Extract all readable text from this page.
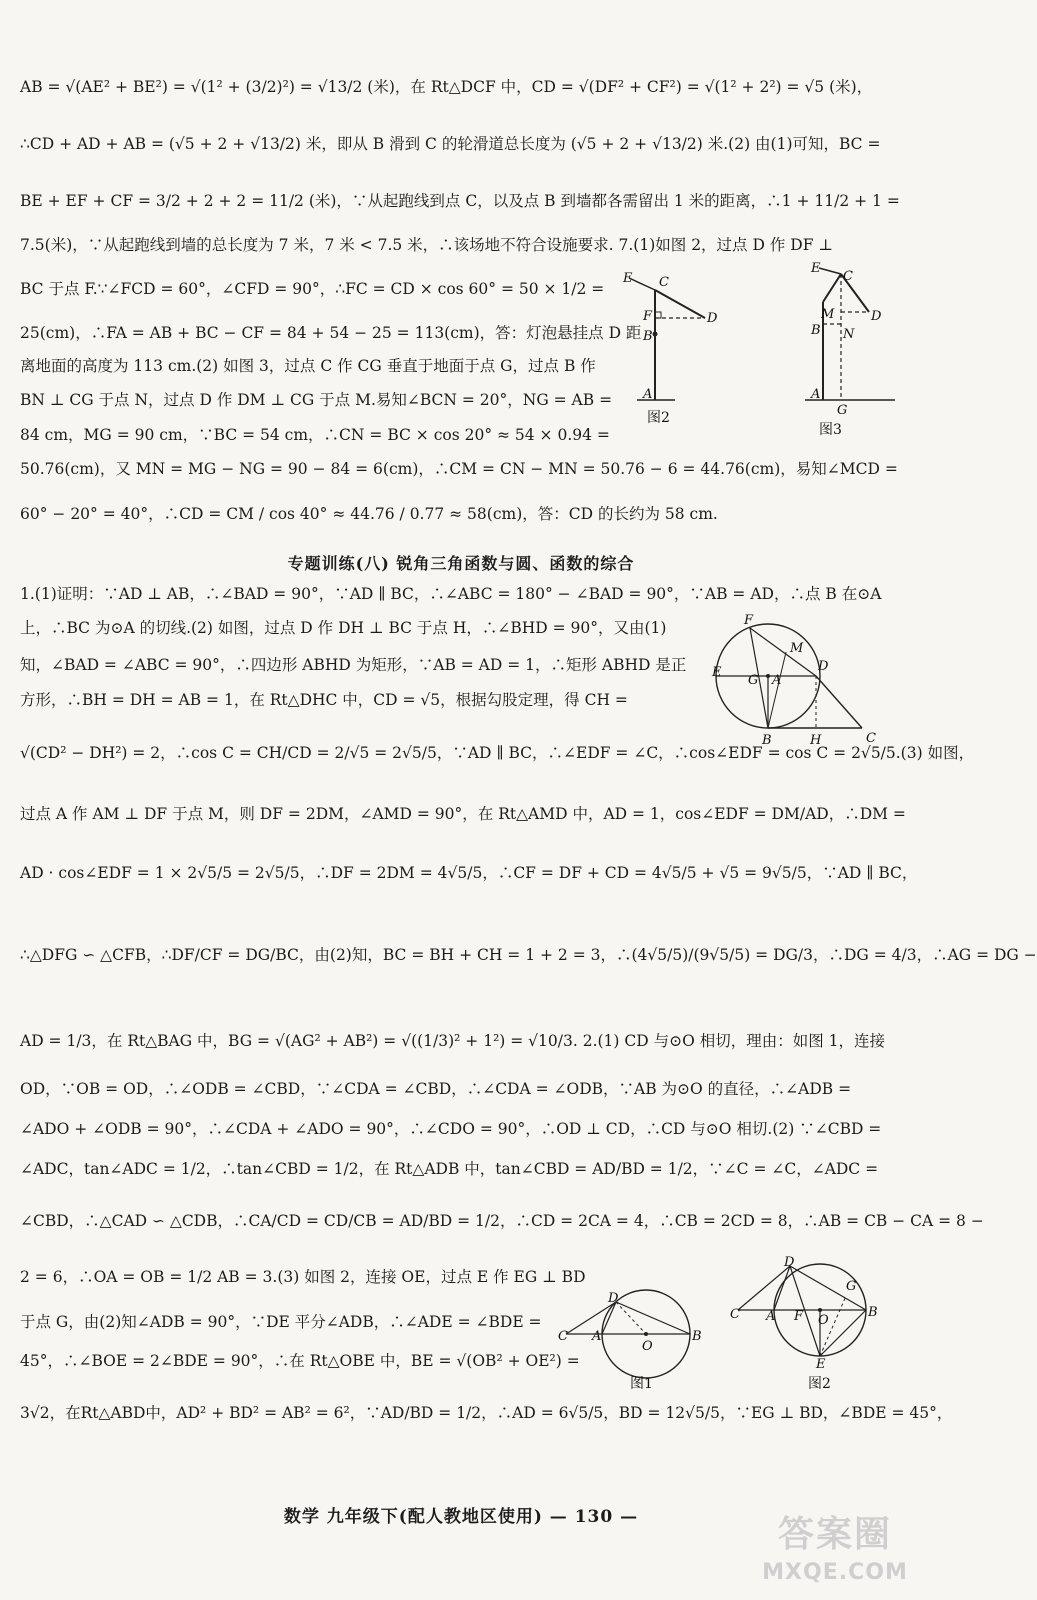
AB = √(AE² + BE²) = √(1² + (3/2)²) = √13/2 (米)，在 Rt△DCF 中，CD = √(DF² + CF²) = √(1² + 2²) = √5 (米)，
∴CD + AD + AB = (√5 + 2 + √13/2) 米，即从 B 滑到 C 的轮滑道总长度为 (√5 + 2 + √13/2) 米.(2) 由(1)可知，BC =
BE + EF + CF = 3/2 + 2 + 2 = 11/2 (米)，∵从起跑线到点 C，以及点 B 到墙都各需留出 1 米的距离，∴1 + 11/2 + 1 =
7.5(米)，∵从起跑线到墙的总长度为 7 米，7 米 < 7.5 米，∴该场地不符合设施要求. 7.(1)如图 2，过点 D 作 DF ⊥
BC 于点 F.∵∠FCD = 60°，∠CFD = 90°，∴FC = CD × cos 60° = 50 × 1/2 =
25(cm)，∴FA = AB + BC − CF = 84 + 54 − 25 = 113(cm)，答：灯泡悬挂点 D 距
离地面的高度为 113 cm.(2) 如图 3，过点 C 作 CG 垂直于地面于点 G，过点 B 作
BN ⊥ CG 于点 N，过点 D 作 DM ⊥ CG 于点 M.易知∠BCN = 20°，NG = AB =
84 cm，MG = 90 cm，∵BC = 54 cm，∴CN = BC × cos 20° ≈ 54 × 0.94 =
50.76(cm)，又 MN = MG − NG = 90 − 84 = 6(cm)，∴CM = CN − MN = 50.76 − 6 = 44.76(cm)，易知∠MCD =
60° − 20° = 40°，∴CD = CM / cos 40° ≈ 44.76 / 0.77 ≈ 58(cm)，答：CD 的长约为 58 cm.
专题训练(八) 锐角三角函数与圆、函数的综合
1.(1)证明：∵AD ⊥ AB，∴∠BAD = 90°，∵AD ∥ BC，∴∠ABC = 180° − ∠BAD = 90°，∵AB = AD，∴点 B 在⊙A
上，∴BC 为⊙A 的切线.(2) 如图，过点 D 作 DH ⊥ BC 于点 H，∴∠BHD = 90°，又由(1)
知，∠BAD = ∠ABC = 90°，∴四边形 ABHD 为矩形，∵AB = AD = 1，∴矩形 ABHD 是正
方形，∴BH = DH = AB = 1，在 Rt△DHC 中，CD = √5，根据勾股定理，得 CH =
√(CD² − DH²) = 2，∴cos C = CH/CD = 2/√5 = 2√5/5，∵AD ∥ BC，∴∠EDF = ∠C，∴cos∠EDF = cos C = 2√5/5.(3) 如图，
过点 A 作 AM ⊥ DF 于点 M，则 DF = 2DM，∠AMD = 90°，在 Rt△AMD 中，AD = 1，cos∠EDF = DM/AD，∴DM =
AD · cos∠EDF = 1 × 2√5/5 = 2√5/5，∴DF = 2DM = 4√5/5，∴CF = DF + CD = 4√5/5 + √5 = 9√5/5，∵AD ∥ BC，
∴△DFG ∽ △CFB，∴DF/CF = DG/BC，由(2)知，BC = BH + CH = 1 + 2 = 3，∴(4√5/5)/(9√5/5) = DG/3，∴DG = 4/3，∴AG = DG −
AD = 1/3，在 Rt△BAG 中，BG = √(AG² + AB²) = √((1/3)² + 1²) = √10/3. 2.(1) CD 与⊙O 相切，理由：如图 1，连接
OD，∵OB = OD，∴∠ODB = ∠CBD，∵∠CDA = ∠CBD，∴∠CDA = ∠ODB，∵AB 为⊙O 的直径，∴∠ADB =
∠ADO + ∠ODB = 90°，∴∠CDA + ∠ADO = 90°，∴∠CDO = 90°，∴OD ⊥ CD，∴CD 与⊙O 相切.(2) ∵∠CBD =
∠ADC，tan∠ADC = 1/2，∴tan∠CBD = 1/2，在 Rt△ADB 中，tan∠CBD = AD/BD = 1/2，∵∠C = ∠C，∠ADC =
∠CBD，∴△CAD ∽ △CDB，∴CA/CD = CD/CB = AD/BD = 1/2，∴CD = 2CA = 4，∴CB = 2CD = 8，∴AB = CB − CA = 8 −
2 = 6，∴OA = OB = 1/2 AB = 3.(3) 如图 2，连接 OE，过点 E 作 EG ⊥ BD
于点 G，由(2)知∠ADB = 90°，∵DE 平分∠ADB，∴∠ADE = ∠BDE =
45°，∴∠BOE = 2∠BDE = 90°，∴在 Rt△OBE 中，BE = √(OB² + OE²) =
3√2，在Rt△ABD中，AD² + BD² = AB² = 6²，∵AD/BD = 1/2，∴AD = 6√5/5，BD = 12√5/5，∵EG ⊥ BD，∠BDE = 45°，
E C
D
F
B
A
图2
E
C
M	D
B N
A
G
图3
F
M
D
E
G A
B	H	C
D
C A
O
B
图1
D
G
C A F O
B
E
图2
数学 九年级下(配人教地区使用) — 130 —	答案圈
MXQE.COM
